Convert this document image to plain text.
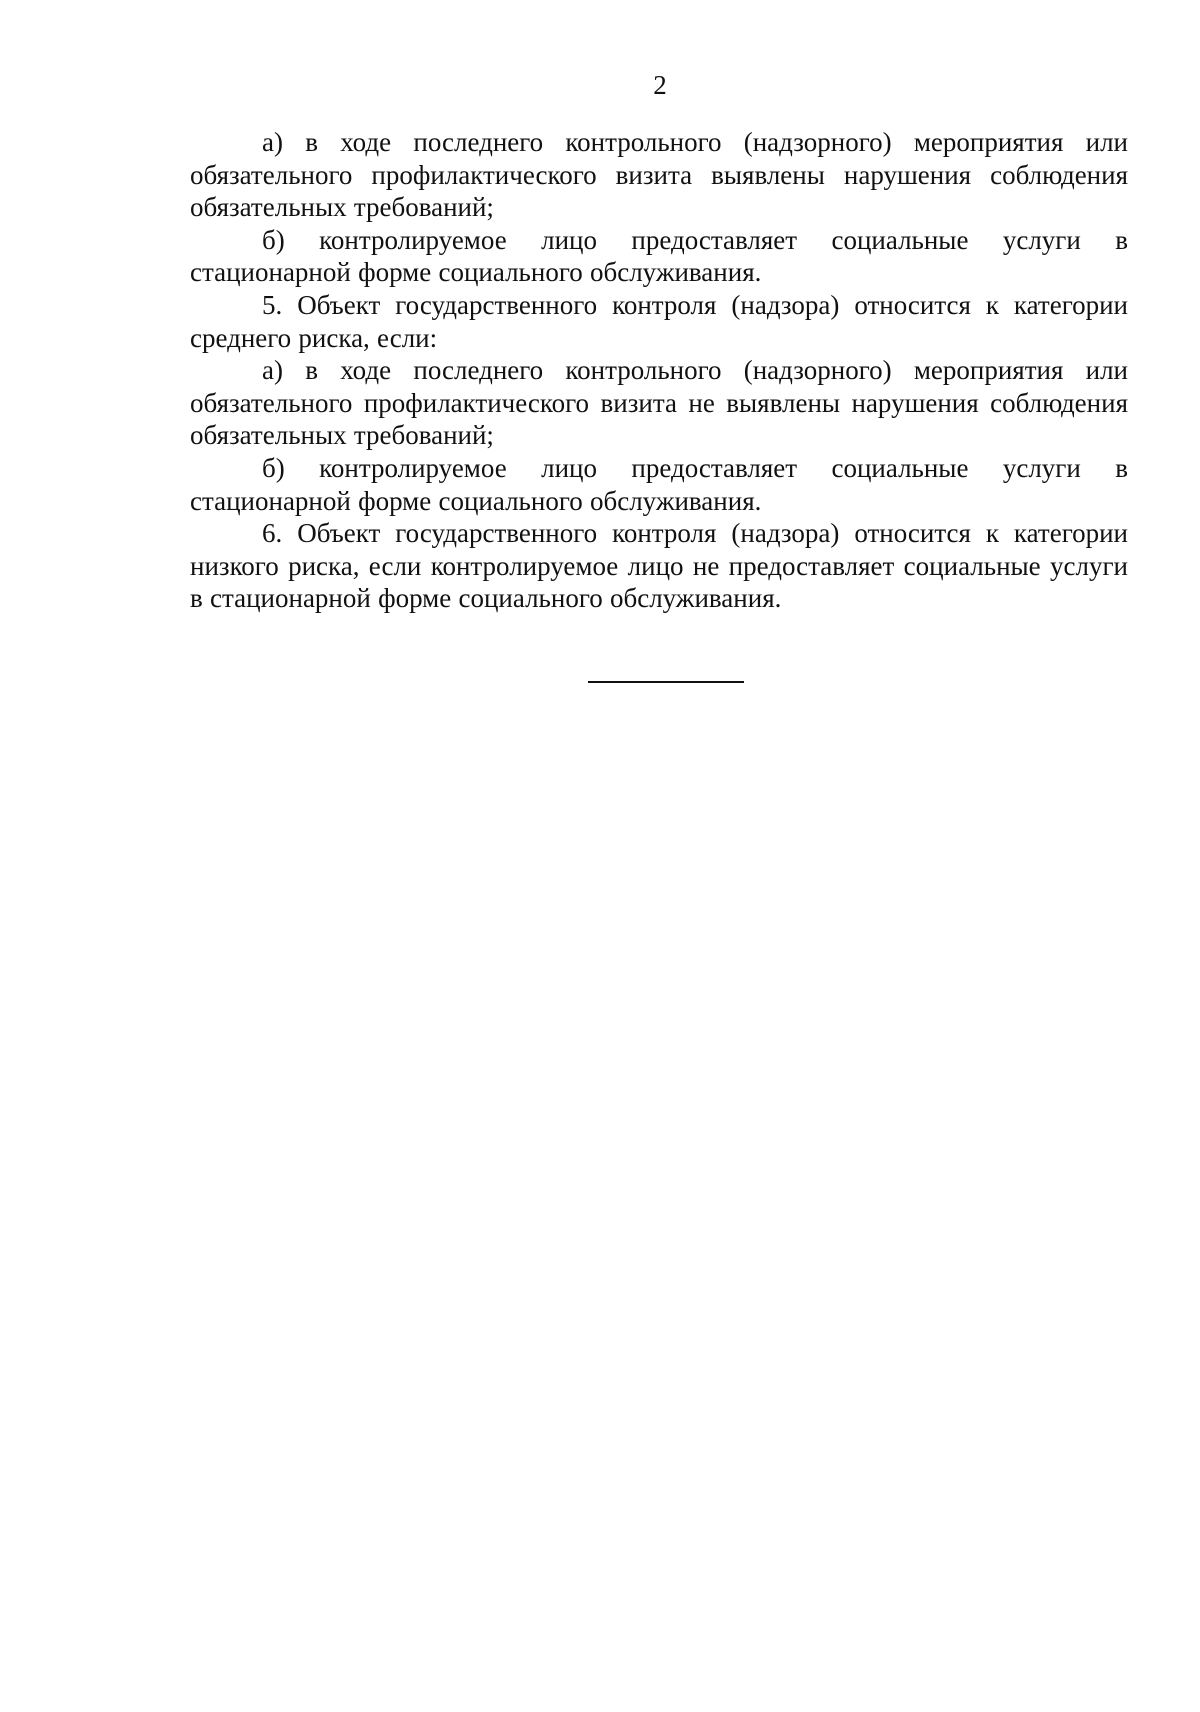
2

а) в ходе последнего контрольного (надзорного) мероприятия или обязательного профилактического визита выявлены нарушения соблюдения обязательных требований;

б) контролируемое лицо предоставляет социальные услуги в стационарной форме социального обслуживания.

5. Объект государственного контроля (надзора) относится к категории среднего риска, если:

а) в ходе последнего контрольного (надзорного) мероприятия или обязательного профилактического визита не выявлены нарушения соблюдения обязательных требований;

б) контролируемое лицо предоставляет социальные услуги в стационарной форме социального обслуживания.

6. Объект государственного контроля (надзора) относится к категории низкого риска, если контролируемое лицо не предоставляет социальные услуги в стационарной форме социального обслуживания.
